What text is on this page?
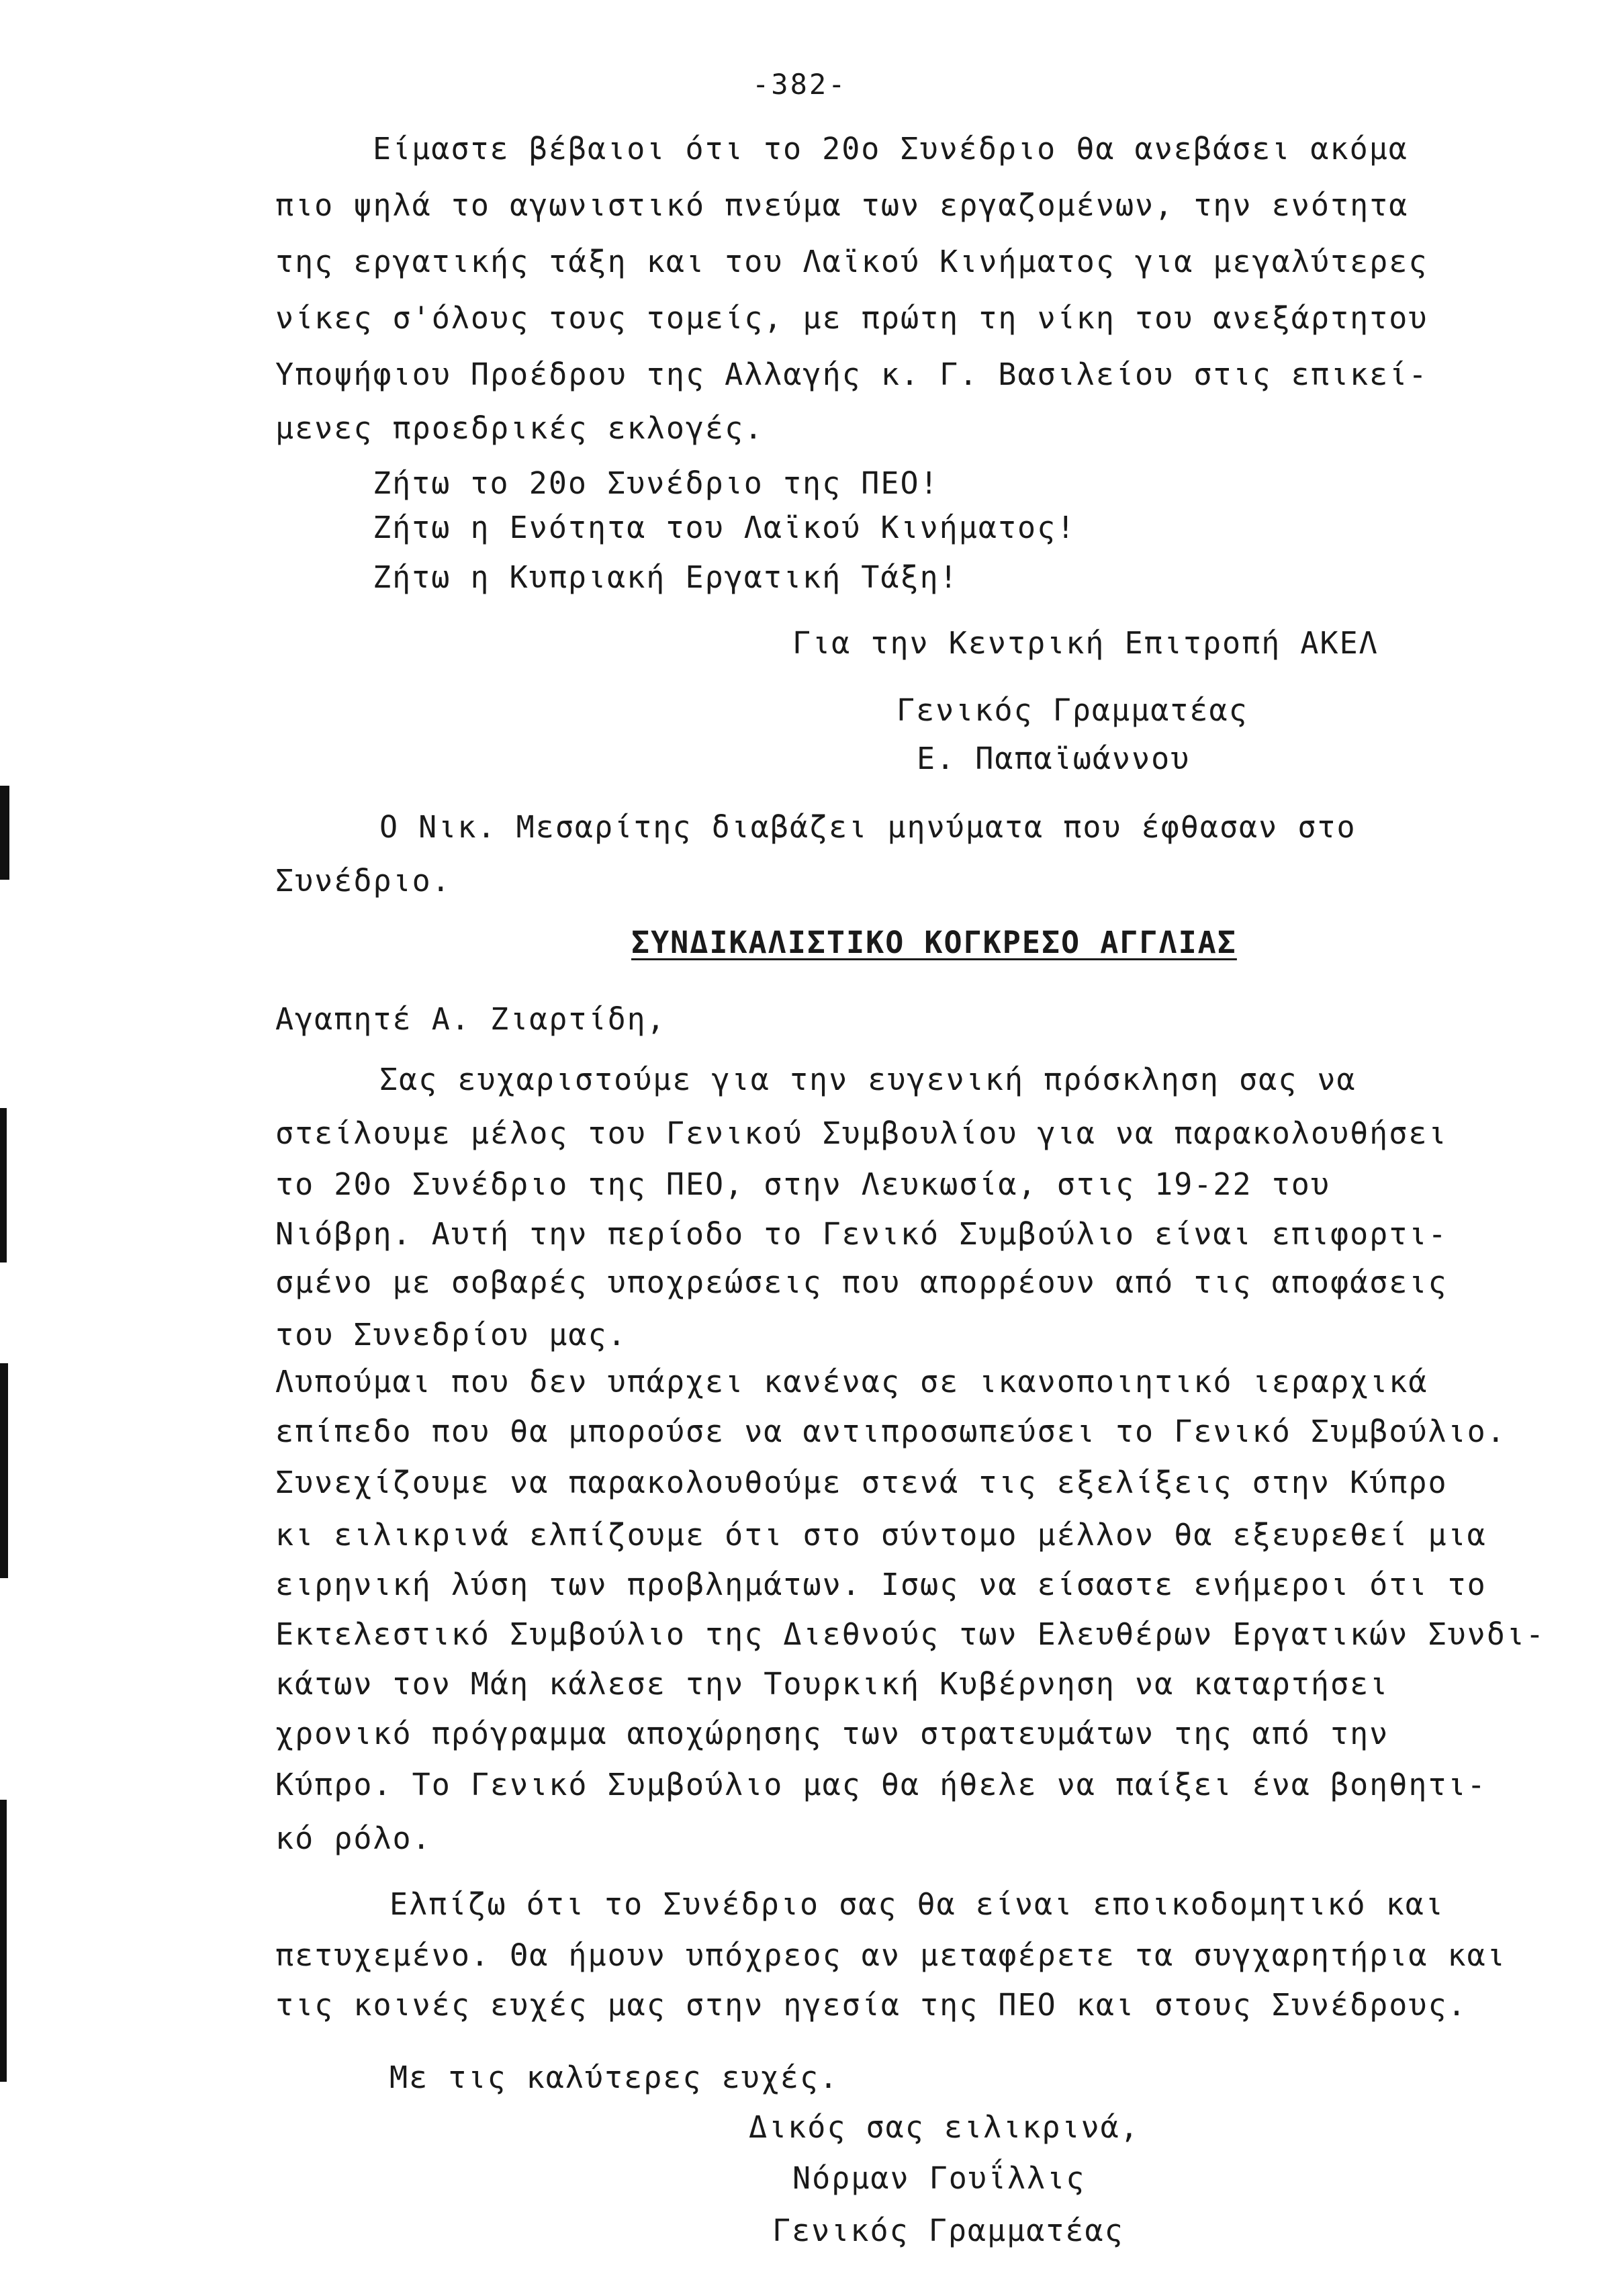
-382-
Είμαστε βέβαιοι ότι το 20ο Συνέδριο θα ανεβάσει ακόμα
πιο ψηλά το αγωνιστικό πνεύμα των εργαζομένων, την ενότητα
της εργατικής τάξη και του Λαϊκού Κινήματος για μεγαλύτερες
νίκες σ'όλους τους τομείς, με πρώτη τη νίκη του ανεξάρτητου
Υποψήφιου Προέδρου της Αλλαγής κ. Γ. Βασιλείου στις επικεί-
μενες προεδρικές εκλογές.
Ζήτω το 20ο Συνέδριο της ΠΕΟ!
Ζήτω η Ενότητα του Λαϊκού Κινήματος!
Ζήτω η Κυπριακή Εργατική Τάξη!
Για την Κεντρική Επιτροπή ΑΚΕΛ
Γενικός Γραμματέας
Ε. Παπαϊωάννου
Ο Νικ. Μεσαρίτης διαβάζει μηνύματα που έφθασαν στο
Συνέδριο.
ΣΥΝΔΙΚΑΛΙΣΤΙΚΟ ΚΟΓΚΡΕΣΟ ΑΓΓΛΙΑΣ
Αγαπητέ Α. Ζιαρτίδη,
Σας ευχαριστούμε για την ευγενική πρόσκληση σας να
στείλουμε μέλος του Γενικού Συμβουλίου για να παρακολουθήσει
το 20ο Συνέδριο της ΠΕΟ, στην Λευκωσία, στις 19-22 του
Νιόβρη. Αυτή την περίοδο το Γενικό Συμβούλιο είναι επιφορτι-
σμένο με σοβαρές υποχρεώσεις που απορρέουν από τις αποφάσεις
του Συνεδρίου μας.
Λυπούμαι που δεν υπάρχει κανένας σε ικανοποιητικό ιεραρχικά
επίπεδο που θα μπορούσε να αντιπροσωπεύσει το Γενικό Συμβούλιο.
Συνεχίζουμε να παρακολουθούμε στενά τις εξελίξεις στην Κύπρο
κι ειλικρινά ελπίζουμε ότι στο σύντομο μέλλον θα εξευρεθεί μια
ειρηνική λύση των προβλημάτων. Ισως να είσαστε ενήμεροι ότι το
Εκτελεστικό Συμβούλιο της Διεθνούς των Ελευθέρων Εργατικών Συνδι-
κάτων τον Μάη κάλεσε την Τουρκική Κυβέρνηση να καταρτήσει
χρονικό πρόγραμμα αποχώρησης των στρατευμάτων της από την
Κύπρο. Το Γενικό Συμβούλιο μας θα ήθελε να παίξει ένα βοηθητι-
κό ρόλο.
Ελπίζω ότι το Συνέδριο σας θα είναι εποικοδομητικό και
πετυχεμένο. Θα ήμουν υπόχρεος αν μεταφέρετε τα συγχαρητήρια και
τις κοινές ευχές μας στην ηγεσία της ΠΕΟ και στους Συνέδρους.
Με τις καλύτερες ευχές.
Δικός σας ειλικρινά,
Νόρμαν Γουΐλλις
Γενικός Γραμματέας
